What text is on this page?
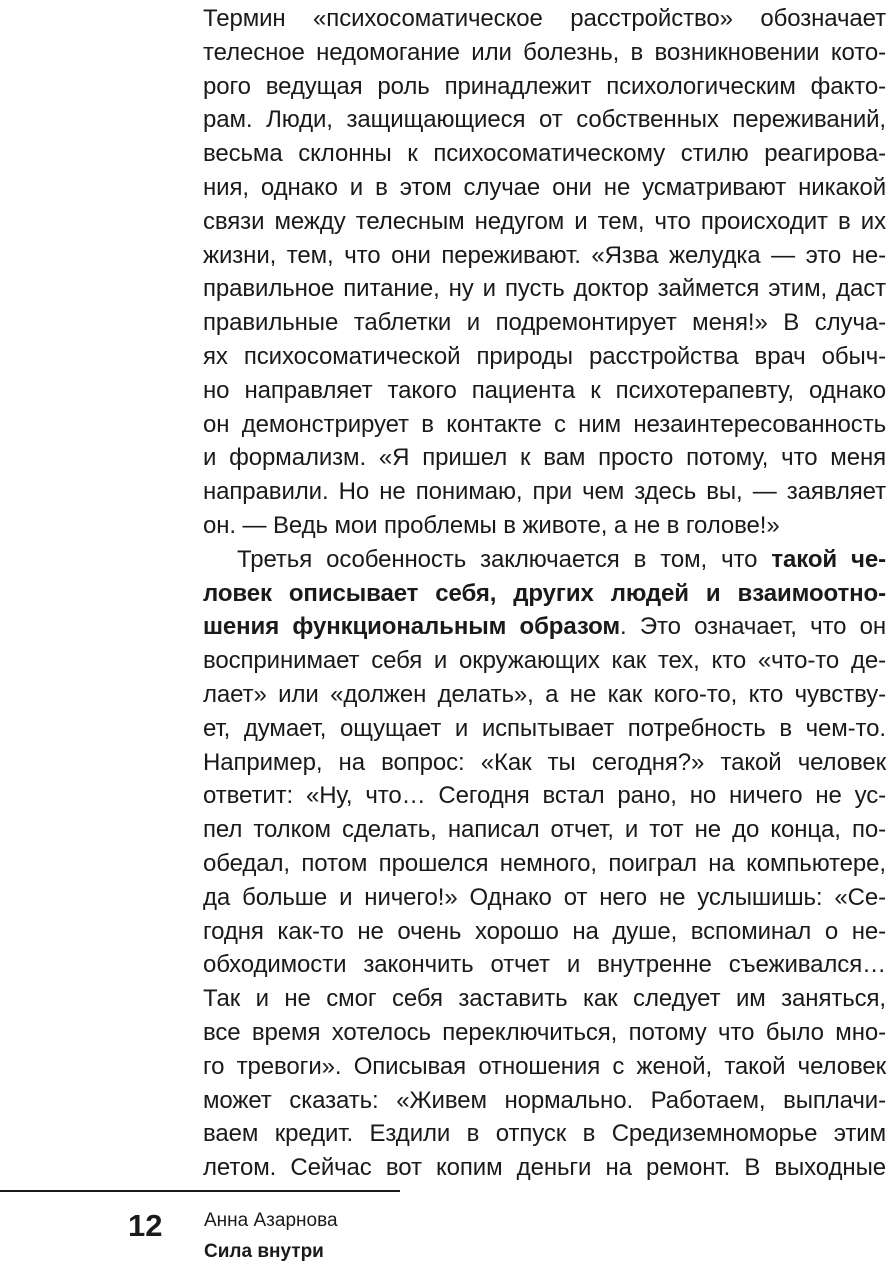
Термин «психосоматическое расстройство» обозначает
телесное недомогание или болезнь, в возникновении кото-
рого ведущая роль принадлежит психологическим факто-
рам. Люди, защищающиеся от собственных переживаний,
весьма склонны к психосоматическому стилю реагирова-
ния, однако и в этом случае они не усматривают никакой
связи между телесным недугом и тем, что происходит в их
жизни, тем, что они переживают. «Язва желудка — это не-
правильное питание, ну и пусть доктор займется этим, даст
правильные таблетки и подремонтирует меня!» В случа-
ях психосоматической природы расстройства врач обыч-
но направляет такого пациента к психотерапевту, однако
он демонстрирует в контакте с ним незаинтересованность
и формализм. «Я пришел к вам просто потому, что меня
направили. Но не понимаю, при чем здесь вы, — заявляет
он. — Ведь мои проблемы в животе, а не в голове!»
Третья особенность заключается в том, что такой че-
ловек описывает себя, других людей и взаимоотно-
шения функциональным образом. Это означает, что он
воспринимает себя и окружающих как тех, кто «что-то де-
лает» или «должен делать», а не как кого-то, кто чувству-
ет, думает, ощущает и испытывает потребность в чем-то.
Например, на вопрос: «Как ты сегодня?» такой человек
ответит: «Ну, что… Сегодня встал рано, но ничего не ус-
пел толком сделать, написал отчет, и тот не до конца, по-
обедал, потом прошелся немного, поиграл на компьютере,
да больше и ничего!» Однако от него не услышишь: «Се-
годня как-то не очень хорошо на душе, вспоминал о не-
обходимости закончить отчет и внутренне съеживался…
Так и не смог себя заставить как следует им заняться,
все время хотелось переключиться, потому что было мно-
го тревоги». Описывая отношения с женой, такой человек
может сказать: «Живем нормально. Работаем, выплачи-
ваем кредит. Ездили в отпуск в Средиземноморье этим
летом. Сейчас вот копим деньги на ремонт. В выходные
12 Анна Азарнова
Сила внутри
